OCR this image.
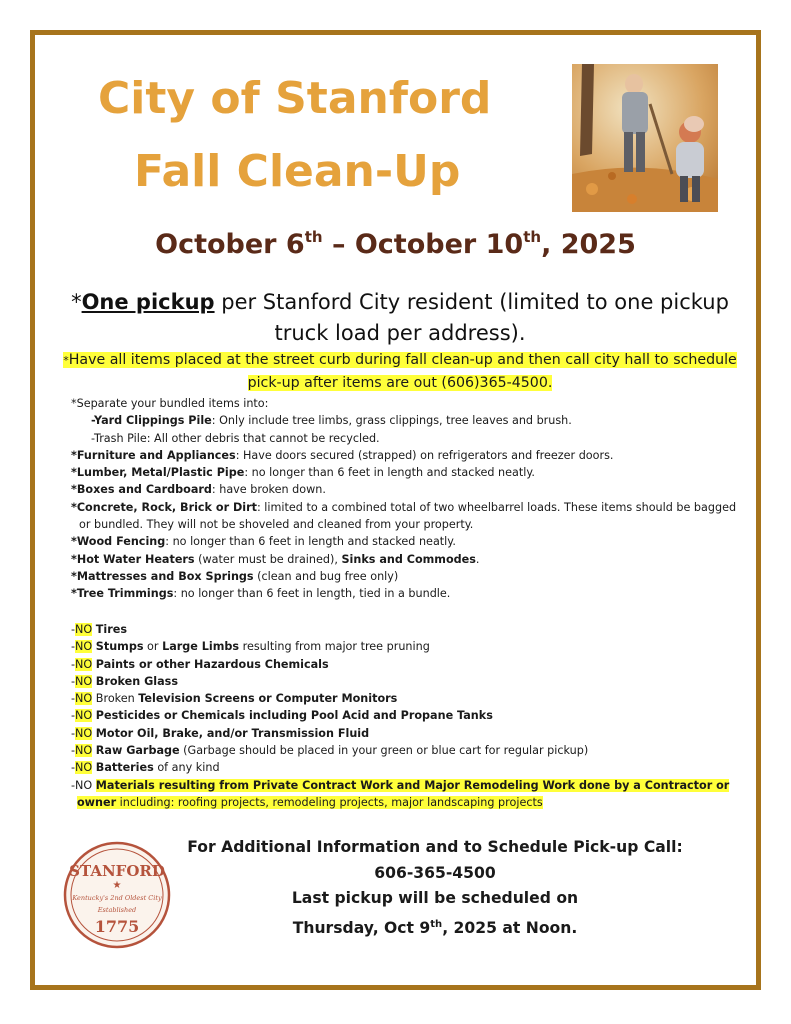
City of Stanford
Fall Clean-Up
October 6th – October 10th, 2025
*One pickup per Stanford City resident (limited to one pickup truck load per address).
*Have all items placed at the street curb during fall clean-up and then call city hall to schedule pick-up after items are out (606)365-4500.
*Separate your bundled items into:
-Yard Clippings Pile: Only include tree limbs, grass clippings, tree leaves and brush.
-Trash Pile: All other debris that cannot be recycled.
*Furniture and Appliances: Have doors secured (strapped) on refrigerators and freezer doors.
*Lumber, Metal/Plastic Pipe: no longer than 6 feet in length and stacked neatly.
*Boxes and Cardboard: have broken down.
*Concrete, Rock, Brick or Dirt: limited to a combined total of two wheelbarrel loads. These items should be bagged
or bundled. They will not be shoveled and cleaned from your property.
*Wood Fencing: no longer than 6 feet in length and stacked neatly.
*Hot Water Heaters (water must be drained), Sinks and Commodes.
*Mattresses and Box Springs (clean and bug free only)
*Tree Trimmings: no longer than 6 feet in length, tied in a bundle.
-NO Tires
-NO Stumps or Large Limbs resulting from major tree pruning
-NO Paints or other Hazardous Chemicals
-NO Broken Glass
-NO Broken Television Screens or Computer Monitors
-NO Pesticides or Chemicals including Pool Acid and Propane Tanks
-NO Motor Oil, Brake, and/or Transmission Fluid
-NO Raw Garbage (Garbage should be placed in your green or blue cart for regular pickup)
-NO Batteries of any kind
-NO Materials resulting from Private Contract Work and Major Remodeling Work done by a Contractor or
owner including: roofing projects, remodeling projects, major landscaping projects
STANFORD
★
Kentucky's 2nd Oldest City
Established
1775
For Additional Information and to Schedule Pick-up Call:
606-365-4500
Last pickup will be scheduled on
Thursday, Oct 9th, 2025 at Noon.
